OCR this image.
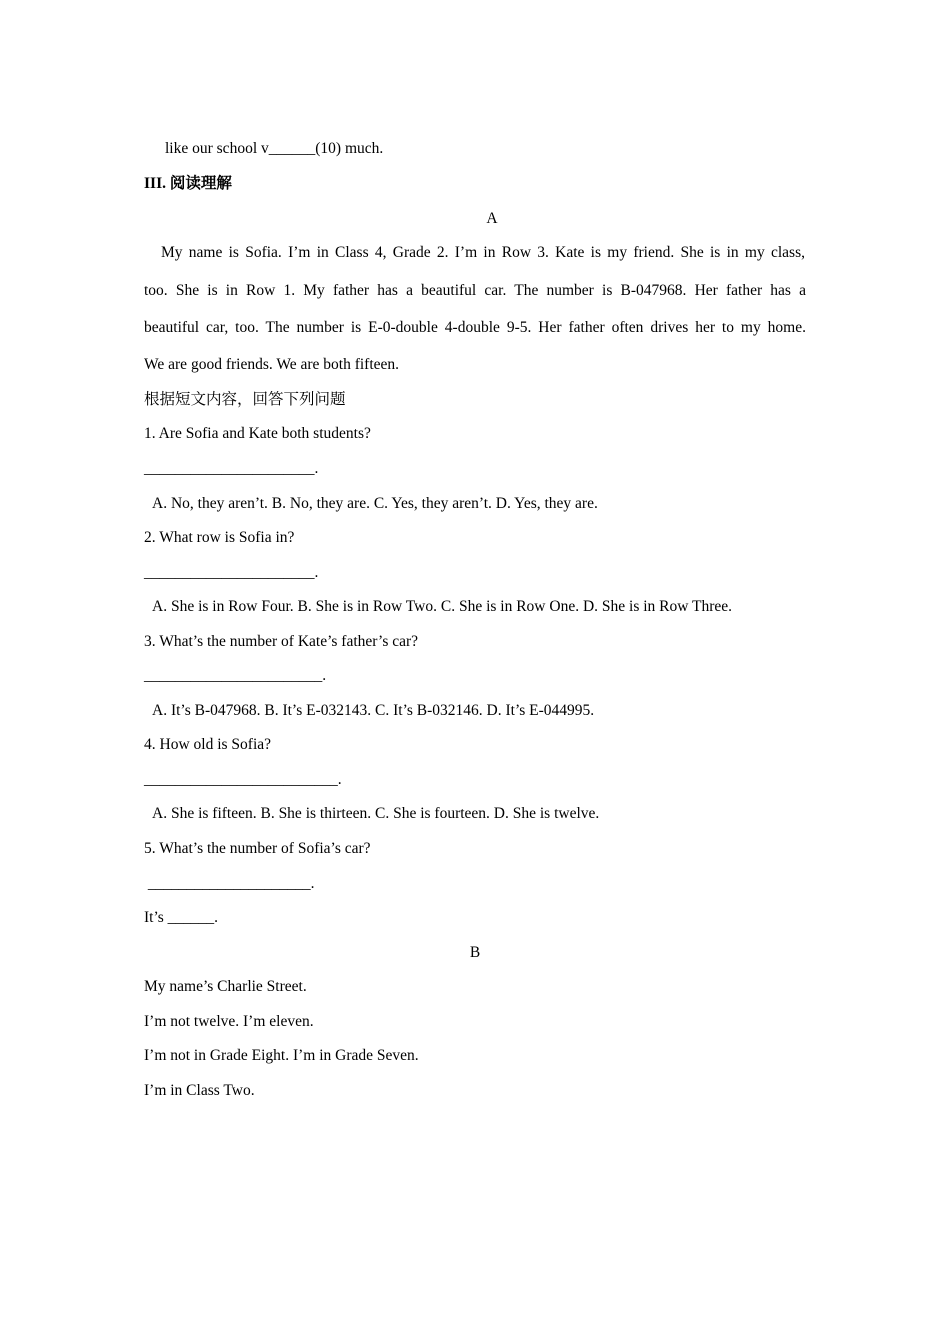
like our school v______(10) much.
III. 阅读理解
A
My name is Sofia. I’m in Class 4, Grade 2. I’m in Row 3. Kate is my friend. She is in my class,
too. She is in Row 1. My father has a beautiful car. The number is B-047968. Her father has a
beautiful car, too. The number is E-0-double 4-double 9-5. Her father often drives her to my home.
We are good friends. We are both fifteen.
根据短文内容，回答下列问题
1. Are Sofia and Kate both students?
______________________.
A. No, they aren’t. B. No, they are. C. Yes, they aren’t. D. Yes, they are.
2. What row is Sofia in?
______________________.
A. She is in Row Four. B. She is in Row Two. C. She is in Row One. D. She is in Row Three.
3. What’s the number of Kate’s father’s car?
_______________________.
A. It’s B-047968. B. It’s E-032143. C. It’s B-032146. D. It’s E-044995.
4. How old is Sofia?
_________________________.
A. She is fifteen. B. She is thirteen. C. She is fourteen. D. She is twelve.
5. What’s the number of Sofia’s car?
_____________________.
It’s ______.
B
My name’s Charlie Street.
I’m not twelve. I’m eleven.
I’m not in Grade Eight. I’m in Grade Seven.
I’m in Class Two.
